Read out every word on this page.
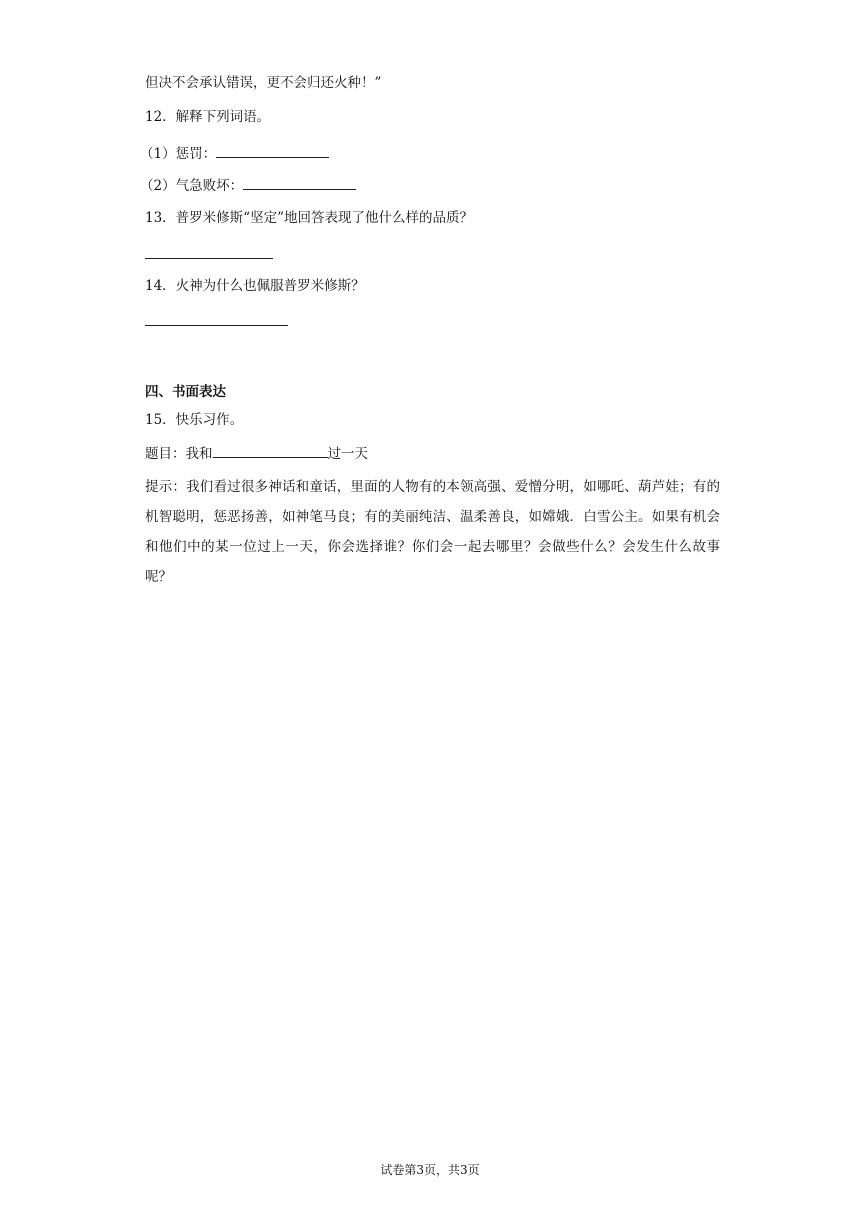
但决不会承认错误，更不会归还火种！”
12．解释下列词语。
（1）惩罚：
（2）气急败坏：
13．普罗米修斯“坚定”地回答表现了他什么样的品质？
14．火神为什么也佩服普罗米修斯？
四、书面表达
15．快乐习作。
题目：我和	过一天
提示：我们看过很多神话和童话，里面的人物有的本领高强、爱憎分明，如哪吒、葫芦娃；有的机智聪明，惩恶扬善，如神笔马良；有的美丽纯洁、温柔善良，如嫦娥．白雪公主。如果有机会和他们中的某一位过上一天，你会选择谁？你们会一起去哪里？会做些什么？会发生什么故事呢？
试卷第3页，共3页
